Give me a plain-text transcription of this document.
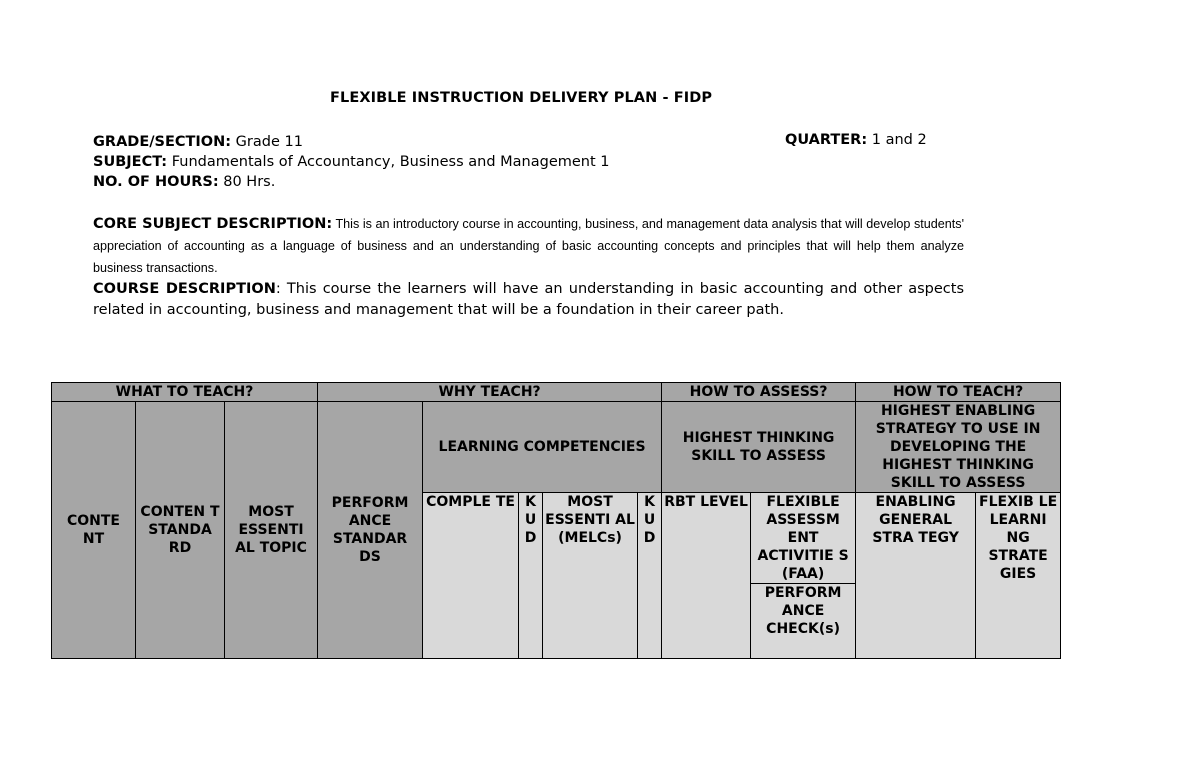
FLEXIBLE INSTRUCTION DELIVERY PLAN - FIDP
GRADE/SECTION: Grade 11	QUARTER: 1 and 2
SUBJECT: Fundamentals of Accountancy, Business and Management 1
NO. OF HOURS: 80 Hrs.
CORE SUBJECT DESCRIPTION: This is an introductory course in accounting, business, and management data analysis that will develop students' appreciation of accounting as a language of business and an understanding of basic accounting concepts and principles that will help them analyze business transactions.
COURSE DESCRIPTION: This course the learners will have an understanding in basic accounting and other aspects related in accounting, business and management that will be a foundation in their career path.
WHAT TO TEACH?			WHY TEACH?					HOW TO ASSESS?		HOW TO TEACH?	
CONTE NT	CONTEN T STANDA RD	MOST ESSENTI AL TOPIC	PERFORM ANCE STANDAR DS	LEARNING COMPETENCIES				HIGHEST THINKING SKILL TO ASSESS		HIGHEST ENABLING STRATEGY TO USE IN DEVELOPING THE HIGHEST THINKING SKILL TO ASSESS	
				COMPLE TE	K U D	MOST ESSENTI AL (MELCs)	K U D	RBT LEVEL	FLEXIBLE ASSESSM ENT ACTIVITIE S (FAA)	ENABLING GENERAL STRA TEGY	FLEXIB LE LEARNI NG STRATE GIES
									PERFORM ANCE CHECK(s)		
